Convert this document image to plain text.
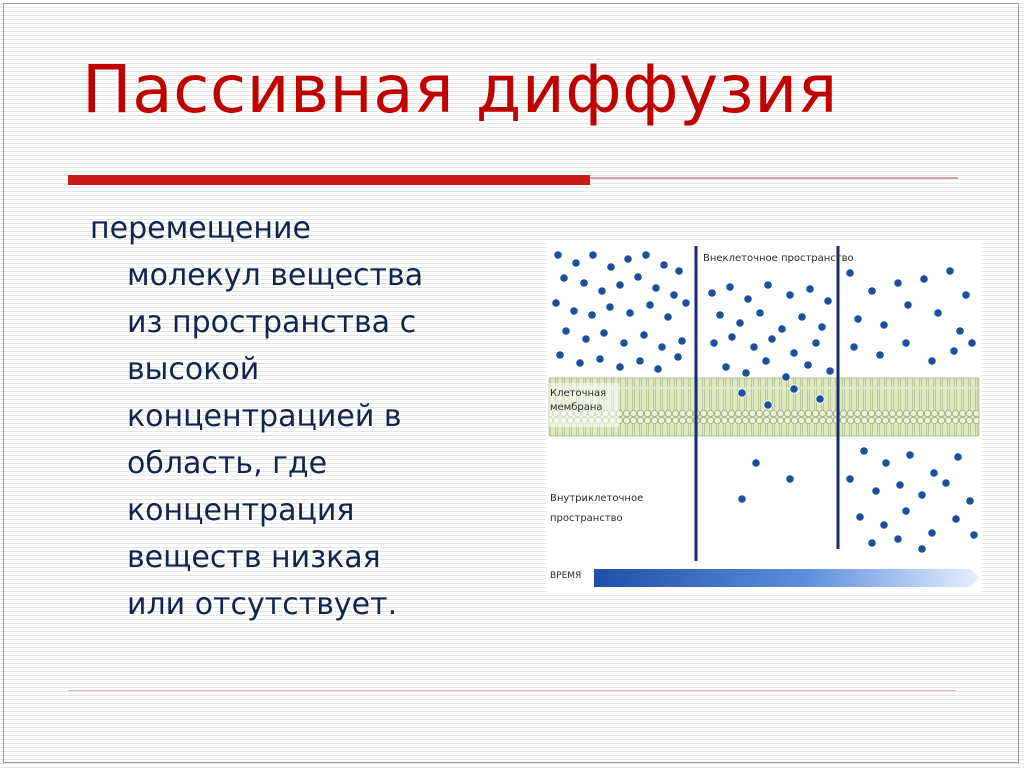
Пассивная диффузия
перемещение
молекул вещества
из пространства с
высокой
концентрацией в
область, где
концентрация
веществ низкая
или отсутствует.
Внеклеточное пространство
Клеточная
мембрана
Внутриклеточное
пространство
ВРЕМЯ
